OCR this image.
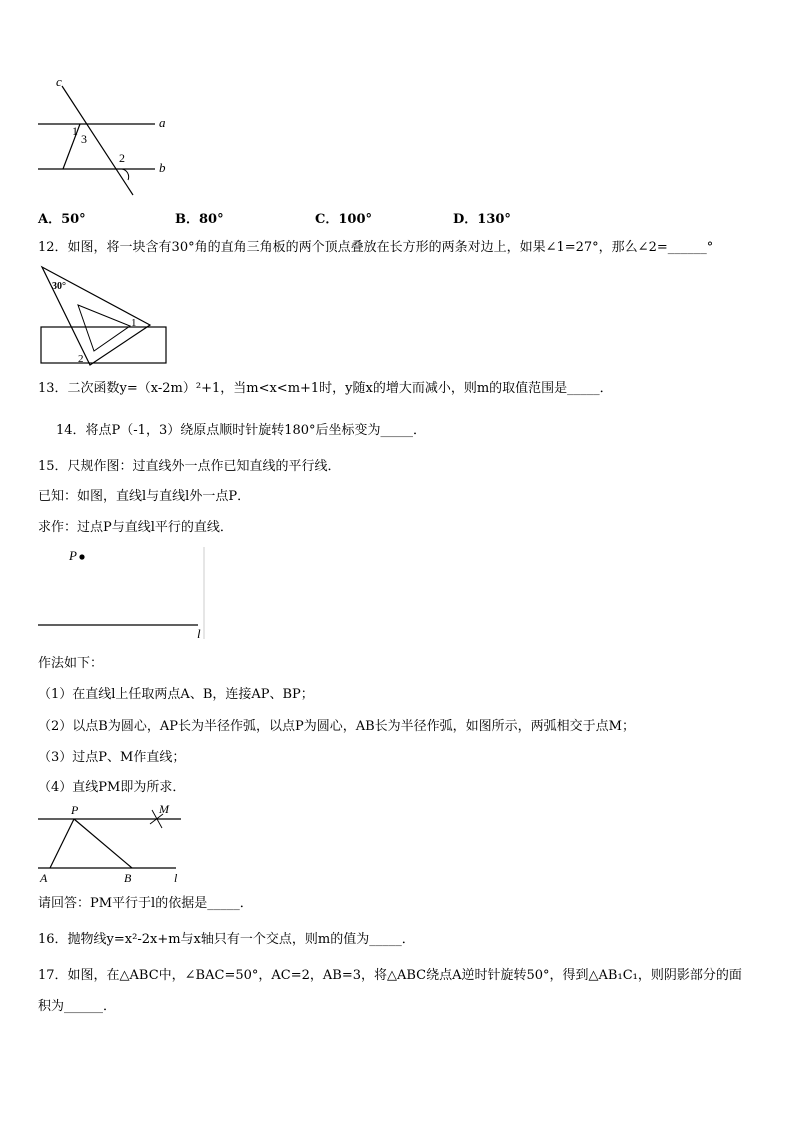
c
a
b
1
3
2
A．50°	B．80°	C．100°	D．130°
12．如图，将一块含有30°角的直角三角板的两个顶点叠放在长方形的两条对边上，如果∠1=27°，那么∠2=______°
30°
1
2
13．二次函数y=（x-2m）²+1，当m<x<m+1时，y随x的增大而减小，则m的取值范围是_____．
14．将点P（-1，3）绕原点顺时针旋转180°后坐标变为_____．
15．尺规作图：过直线外一点作已知直线的平行线．
已知：如图，直线l与直线l外一点P．
求作：过点P与直线l平行的直线．
P
l
作法如下：
（1）在直线l上任取两点A、B，连接AP、BP；
（2）以点B为圆心，AP长为半径作弧，以点P为圆心，AB长为半径作弧，如图所示，两弧相交于点M；
（3）过点P、M作直线；
（4）直线PM即为所求．
P	M
A	B	l
请回答：PM平行于l的依据是_____．
16．抛物线y=x²-2x+m与x轴只有一个交点，则m的值为_____．
17．如图，在△ABC中，∠BAC=50°，AC=2，AB=3，将△ABC绕点A逆时针旋转50°，得到△AB₁C₁，则阴影部分的面
积为______．
